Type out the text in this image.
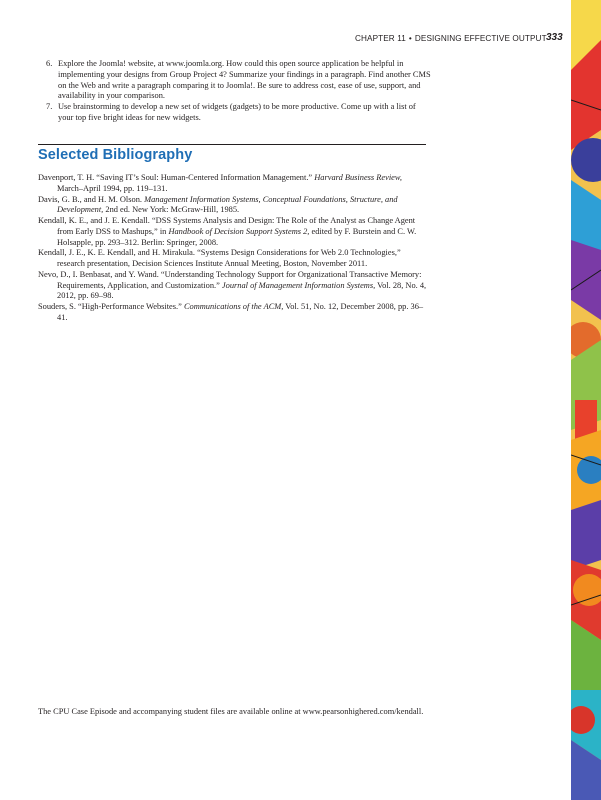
CHAPTER 11 • DESIGNING EFFECTIVE OUTPUT 333
6. Explore the Joomla! website, at www.joomla.org. How could this open source application be helpful in implementing your designs from Group Project 4? Summarize your findings in a paragraph. Find another CMS on the Web and write a paragraph comparing it to Joomla!. Be sure to address cost, ease of use, support, and availability in your comparison.
7. Use brainstorming to develop a new set of widgets (gadgets) to be more productive. Come up with a list of your top five bright ideas for new widgets.
Selected Bibliography
Davenport, T. H. “Saving IT’s Soul: Human-Centered Information Management.” Harvard Business Review, March–April 1994, pp. 119–131.
Davis, G. B., and H. M. Olson. Management Information Systems, Conceptual Foundations, Structure, and Development, 2nd ed. New York: McGraw-Hill, 1985.
Kendall, K. E., and J. E. Kendall. “DSS Systems Analysis and Design: The Role of the Analyst as Change Agent from Early DSS to Mashups,” in Handbook of Decision Support Systems 2, edited by F. Burstein and C. W. Holsapple, pp. 293–312. Berlin: Springer, 2008.
Kendall, J. E., K. E. Kendall, and H. Mirakula. “Systems Design Considerations for Web 2.0 Technologies,” research presentation, Decision Sciences Institute Annual Meeting, Boston, November 2011.
Nevo, D., I. Benbasat, and Y. Wand. “Understanding Technology Support for Organizational Transactive Memory: Requirements, Application, and Customization.” Journal of Management Information Systems, Vol. 28, No. 4, 2012, pp. 69–98.
Souders, S. “High-Performance Websites.” Communications of the ACM, Vol. 51, No. 12, December 2008, pp. 36–41.
The CPU Case Episode and accompanying student files are available online at www.pearsonhighered.com/kendall.
